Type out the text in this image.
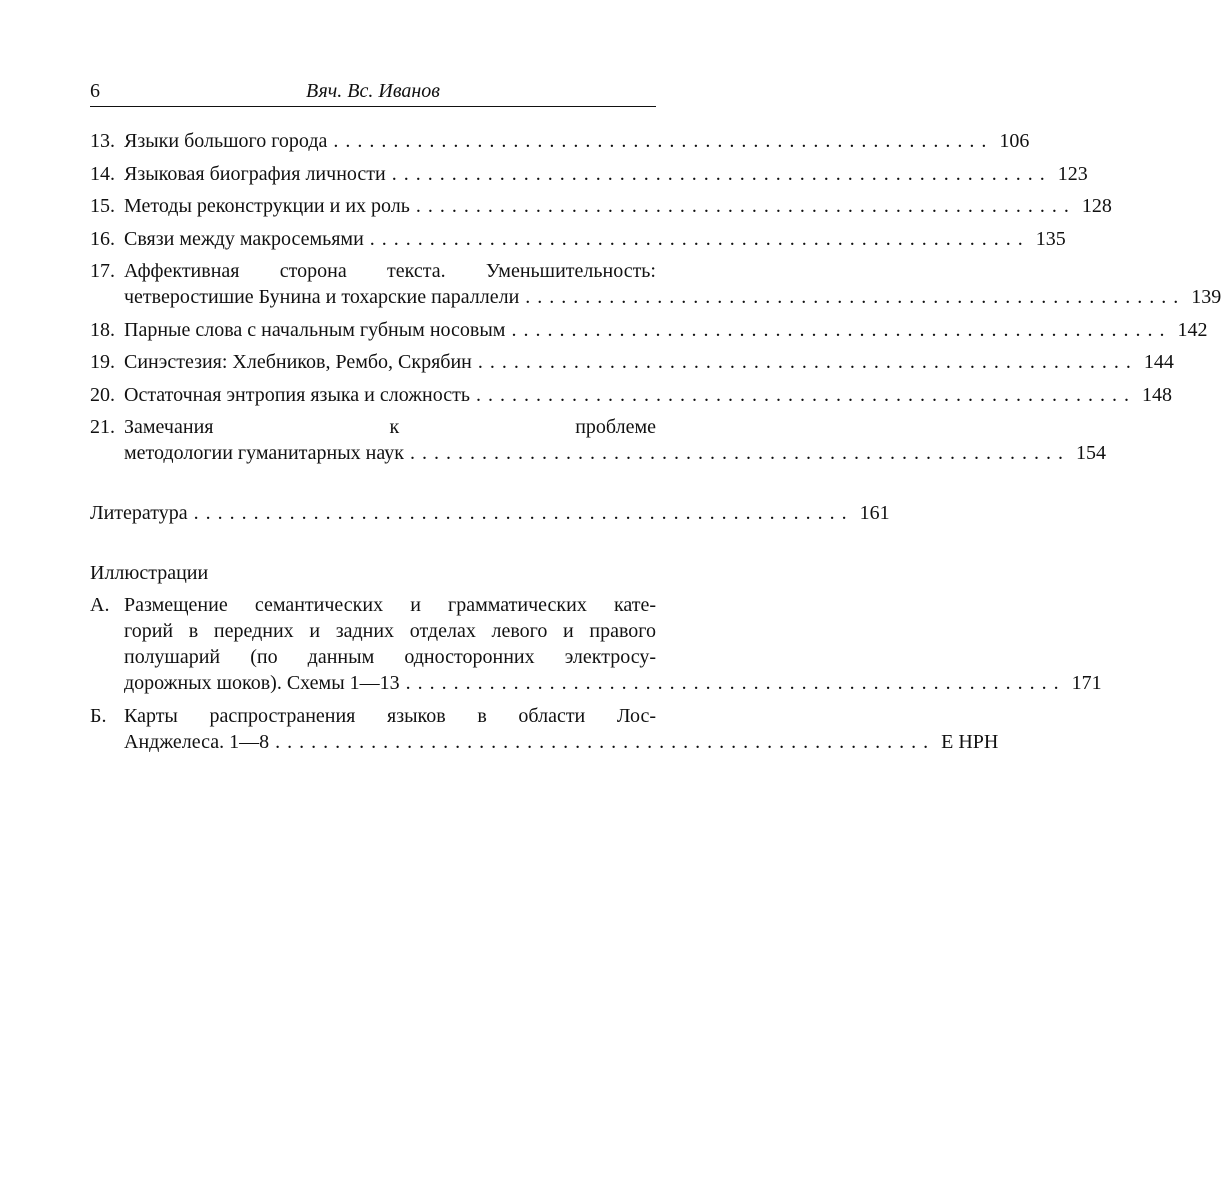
6	Вяч. Вс. Иванов
13. Языки большого города ....................................................... 106
14. Языковая биография личности ....................................................... 123
15. Методы реконструкции и их роль ....................................................... 128
16. Связи между макросемьями ....................................................... 135
17. Аффективная сторона текста. Уменьшительность:
четверостишие Бунина и тохарские параллели ....................................................... 139
18. Парные слова с начальным губным носовым ....................................................... 142
19. Синэстезия: Хлебников, Рембо, Скрябин ....................................................... 144
20. Остаточная энтропия языка и сложность ....................................................... 148
21. Замечания к проблеме
методологии гуманитарных наук ....................................................... 154
Литература ....................................................... 161
Иллюстрации
А. Размещение семантических и грамматических кате-
горий в передних и задних отделах левого и правого
полушарий (по данным односторонних электросу-
дорожных шоков). Схемы 1—13 ....................................................... 171
Б. Карты распространения языков в области Лос-
Анджелеса. 1—8 ....................................................... E HPH
